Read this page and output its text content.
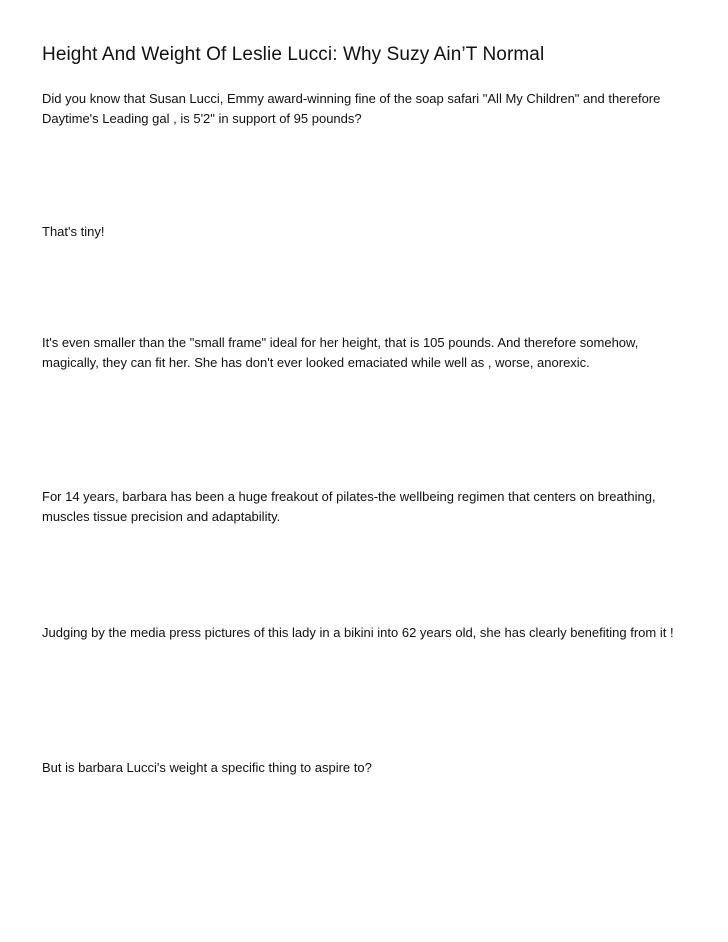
Height And Weight Of Leslie Lucci: Why Suzy Ain’T Normal

Did you know that Susan Lucci, Emmy award-winning fine of the soap safari "All My Children" and therefore Daytime's Leading gal , is 5'2" in support of 95 pounds?

That's tiny!

It's even smaller than the "small frame" ideal for her height, that is 105 pounds. And therefore somehow, magically, they can fit her. She has don't ever looked emaciated while well as , worse, anorexic.

For 14 years, barbara has been a huge freakout of pilates-the wellbeing regimen that centers on breathing, muscles tissue precision and adaptability.

Judging by the media press pictures of this lady in a bikini into 62 years old, she has clearly benefiting from it !

But is barbara Lucci's weight a specific thing to aspire to?
